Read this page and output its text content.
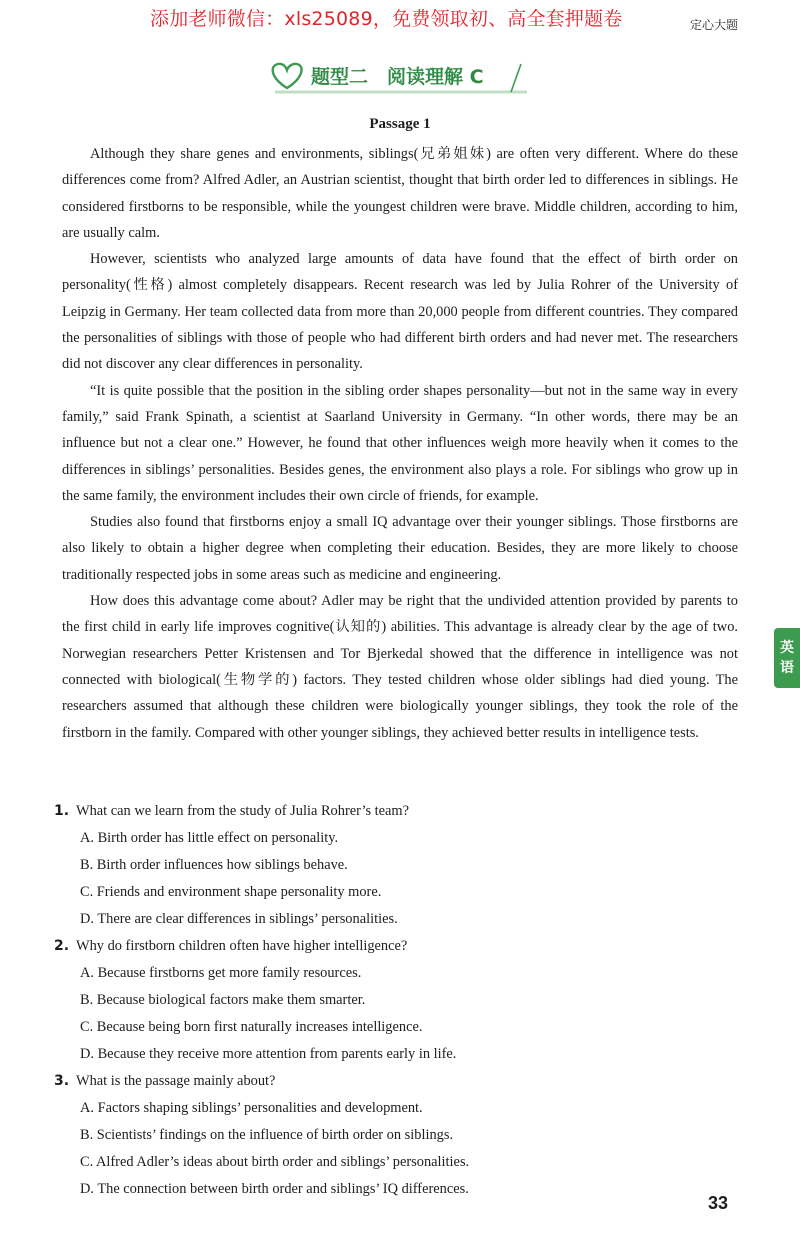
添加老师微信：xls25089，免费领取初、高全套押题卷	定心大题
题型二　阅读理解 C
Passage 1

Although they share genes and environments, siblings(兄弟姐妹) are often very different. Where do these differences come from? Alfred Adler, an Austrian scientist, thought that birth order led to differences in siblings. He considered firstborns to be responsible, while the youngest children were brave. Middle children, according to him, are usually calm.

However, scientists who analyzed large amounts of data have found that the effect of birth order on personality(性格) almost completely disappears. Recent research was led by Julia Rohrer of the University of Leipzig in Germany. Her team collected data from more than 20,000 people from different countries. They compared the personalities of siblings with those of people who had different birth orders and had never met. The researchers did not discover any clear differences in personality.

“It is quite possible that the position in the sibling order shapes personality—but not in the same way in every family,” said Frank Spinath, a scientist at Saarland University in Germany. “In other words, there may be an influence but not a clear one.” However, he found that other influences weigh more heavily when it comes to the differences in siblings’ personalities. Besides genes, the environment also plays a role. For siblings who grow up in the same family, the environment includes their own circle of friends, for example.

Studies also found that firstborns enjoy a small IQ advantage over their younger siblings. Those firstborns are also likely to obtain a higher degree when completing their education. Besides, they are more likely to choose traditionally respected jobs in some areas such as medicine and engineering.

How does this advantage come about? Adler may be right that the undivided attention provided by parents to the first child in early life improves cognitive(认知的) abilities. This advantage is already clear by the age of two. Norwegian researchers Petter Kristensen and Tor Bjerkedal showed that the difference in intelligence was not connected with biological(生物学的) factors. They tested children whose older siblings had died young. The researchers assumed that although these children were biologically younger siblings, they took the role of the firstborn in the family. Compared with other younger siblings, they achieved better results in intelligence tests.

1. What can we learn from the study of Julia Rohrer’s team?
A. Birth order has little effect on personality.
B. Birth order influences how siblings behave.
C. Friends and environment shape personality more.
D. There are clear differences in siblings’ personalities.
2. Why do firstborn children often have higher intelligence?
A. Because firstborns get more family resources.
B. Because biological factors make them smarter.
C. Because being born first naturally increases intelligence.
D. Because they receive more attention from parents early in life.
3. What is the passage mainly about?
A. Factors shaping siblings’ personalities and development.
B. Scientists’ findings on the influence of birth order on siblings.
C. Alfred Adler’s ideas about birth order and siblings’ personalities.
D. The connection between birth order and siblings’ IQ differences.
英
语
33
